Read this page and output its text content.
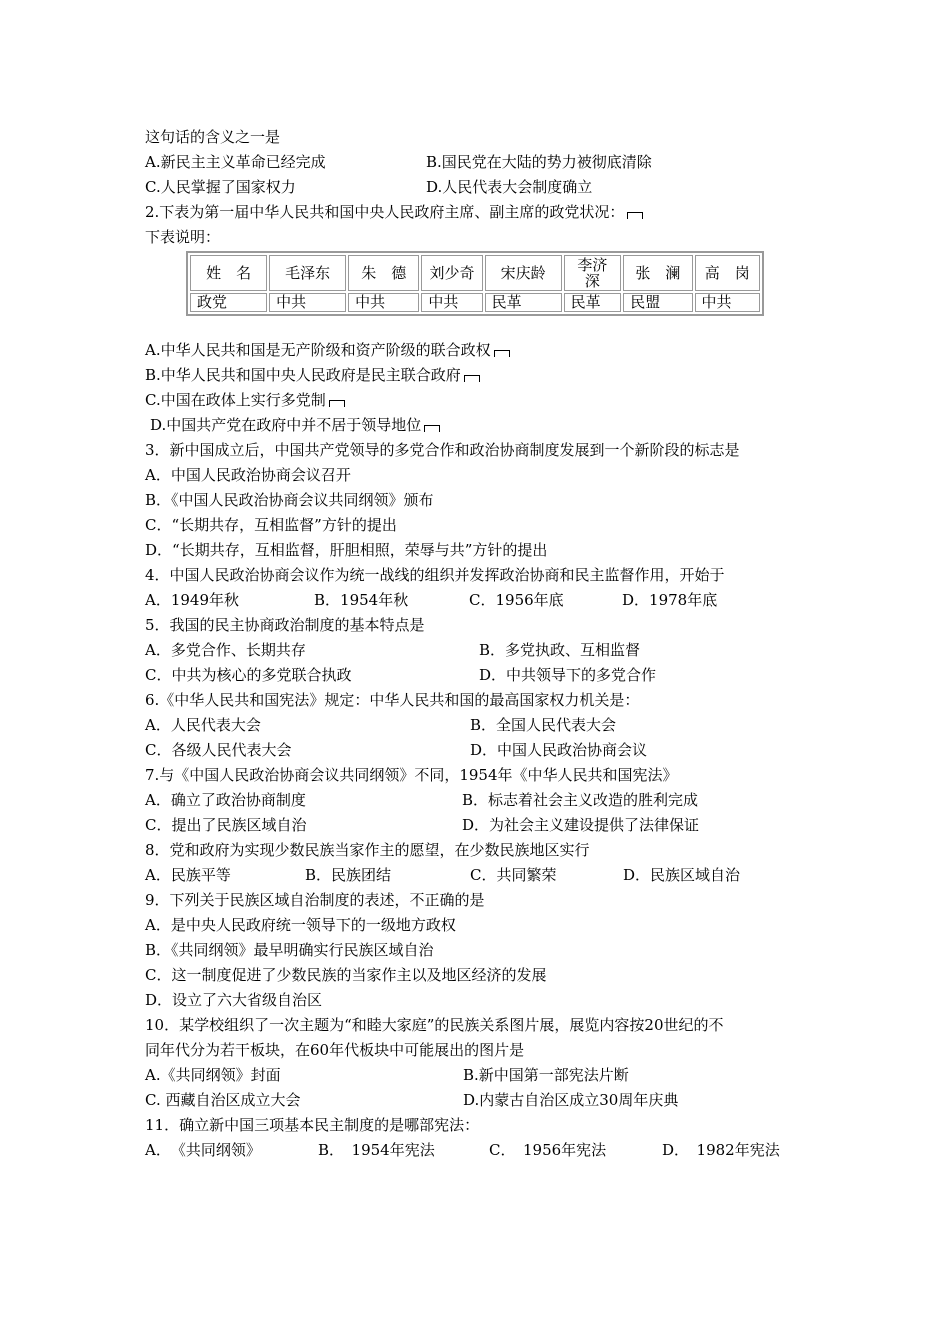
这句话的含义之一是
A.新民主主义革命已经完成	B.国民党在大陆的势力被彻底清除
C.人民掌握了国家权力	D.人民代表大会制度确立
2.下表为第一届中华人民共和国中央人民政府主席、副主席的政党状况：
下表说明：
姓　名	毛泽东	朱　德	刘少奇	宋庆龄	李济深	张　澜	高　岗
政党	中共	中共	中共	民革	民革	民盟	中共
A.中华人民共和国是无产阶级和资产阶级的联合政权
B.中华人民共和国中央人民政府是民主联合政府
C.中国在政体上实行多党制
D.中国共产党在政府中并不居于领导地位
3．新中国成立后，中国共产党领导的多党合作和政治协商制度发展到一个新阶段的标志是
A．中国人民政治协商会议召开
B．《中国人民政治协商会议共同纲领》颁布
C．“长期共存，互相监督”方针的提出
D．“长期共存，互相监督，肝胆相照，荣辱与共”方针的提出
4．中国人民政治协商会议作为统一战线的组织并发挥政治协商和民主监督作用，开始于
A．1949年秋	B．1954年秋	C．1956年底	D．1978年底
5．我国的民主协商政治制度的基本特点是
A．多党合作、长期共存	B．多党执政、互相监督
C．中共为核心的多党联合执政	D．中共领导下的多党合作
6.《中华人民共和国宪法》规定：中华人民共和国的最高国家权力机关是：
A．人民代表大会	B．全国人民代表大会
C．各级人民代表大会	D．中国人民政治协商会议
7.与《中国人民政治协商会议共同纲领》不同，1954年《中华人民共和国宪法》
A．确立了政治协商制度	B．标志着社会主义改造的胜利完成
C．提出了民族区域自治	D．为社会主义建设提供了法律保证
8．党和政府为实现少数民族当家作主的愿望，在少数民族地区实行
A．民族平等	B．民族团结	C．共同繁荣	D．民族区域自治
9．下列关于民族区域自治制度的表述，不正确的是
A．是中央人民政府统一领导下的一级地方政权
B．《共同纲领》最早明确实行民族区域自治
C．这一制度促进了少数民族的当家作主以及地区经济的发展
D．设立了六大省级自治区
10．某学校组织了一次主题为“和睦大家庭”的民族关系图片展，展览内容按20世纪的不
同年代分为若干板块，在60年代板块中可能展出的图片是
A.《共同纲领》封面	B.新中国第一部宪法片断
C. 西藏自治区成立大会	D.内蒙古自治区成立30周年庆典
11．确立新中国三项基本民主制度的是哪部宪法：
A．　《共同纲领》	B．　1954年宪法	C．　1956年宪法	D．　1982年宪法
